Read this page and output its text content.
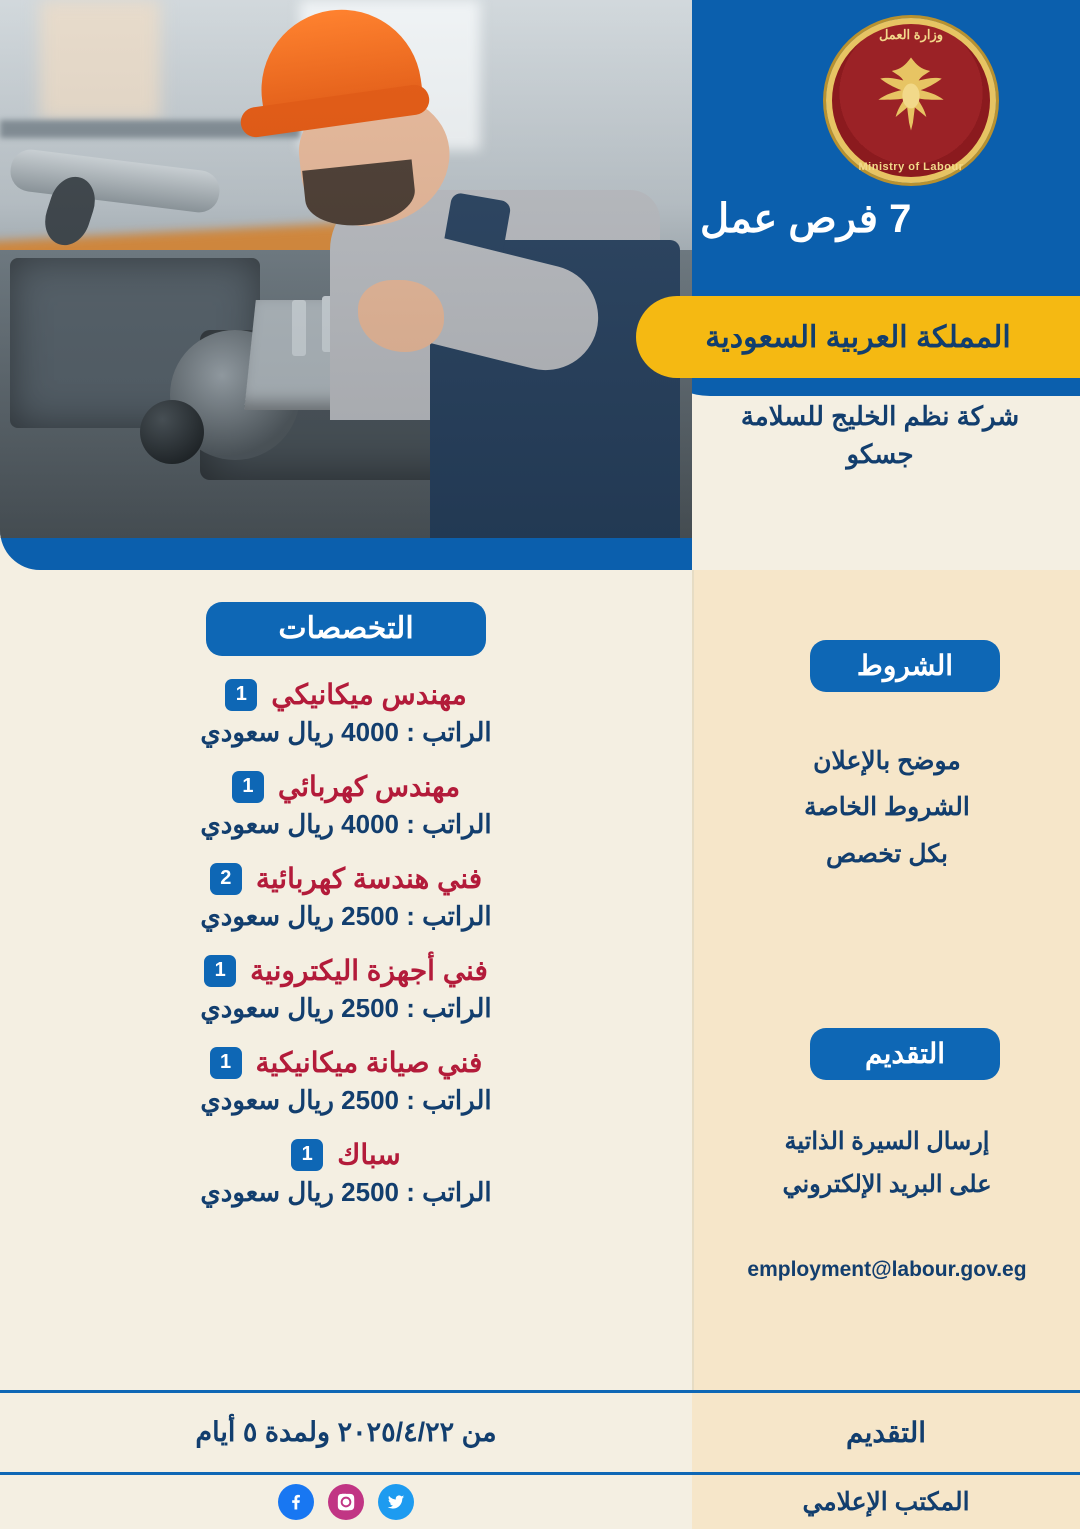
وزارة العمل
Ministry of Labour
7 فرص عمل
المملكة العربية السعودية
شركة نظم الخليج للسلامة
جسكو
التخصصات
مهندس ميكانيكي
1
الراتب : 4000 ريال سعودي
مهندس كهربائي
1
الراتب : 4000 ريال سعودي
فني هندسة كهربائية
2
الراتب : 2500 ريال سعودي
فني أجهزة اليكترونية
1
الراتب : 2500 ريال سعودي
فني صيانة ميكانيكية
1
الراتب : 2500 ريال سعودي
سباك
1
الراتب : 2500 ريال سعودي
الشروط
موضح بالإعلان
الشروط الخاصة
بكل تخصص
التقديم
إرسال السيرة الذاتية
على البريد الإلكتروني
employment@labour.gov.eg
من ٢٠٢٥/٤/٢٢ ولمدة ٥ أيام	التقديم
المكتب الإعلامي
